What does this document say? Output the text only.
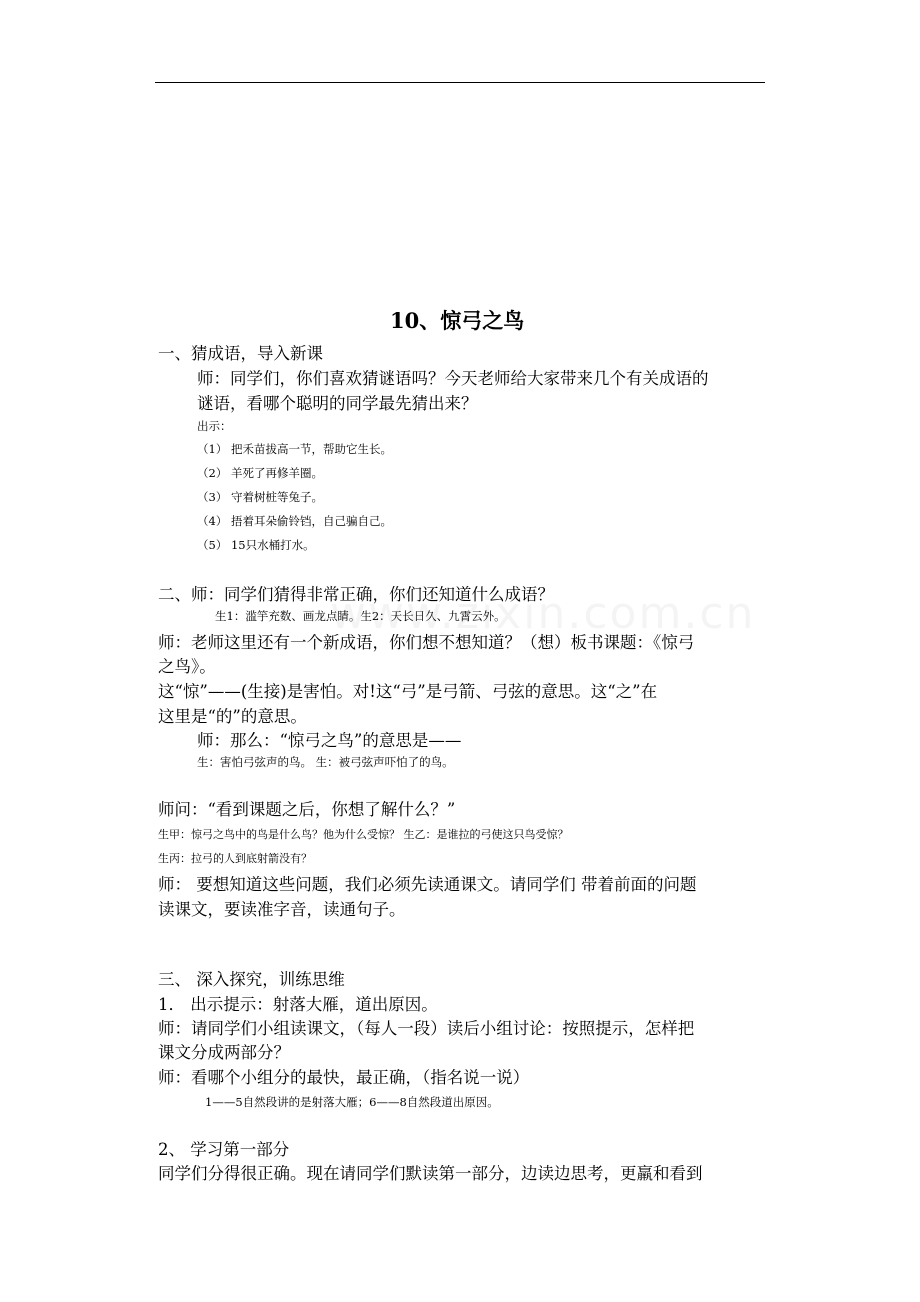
10、惊弓之鸟
一、猜成语，导入新课
师：同学们，你们喜欢猜谜语吗？今天老师给大家带来几个有关成语的
谜语，看哪个聪明的同学最先猜出来？
出示：
（1） 把禾苗拔高一节，帮助它生长。
（2） 羊死了再修羊圈。
（3） 守着树桩等兔子。
（4） 捂着耳朵偷铃铛，自己骗自己。
（5） 15只水桶打水。
二、师：同学们猜得非常正确，你们还知道什么成语？
生1：滥竽充数、画龙点睛。生2：天长日久、九霄云外。
师：老师这里还有一个新成语，你们想不想知道？（想）板书课题：《惊弓
之鸟》。
这“惊”——(生接)是害怕。对!这“弓”是弓箭、弓弦的意思。这“之”在
这里是“的”的意思。
师：那么：“惊弓之鸟”的意思是——
生：害怕弓弦声的鸟。 生：被弓弦声吓怕了的鸟。
师问：“看到课题之后，你想了解什么？”
生甲：惊弓之鸟中的鸟是什么鸟？他为什么受惊？ 生乙：是谁拉的弓使这只鸟受惊？
生丙：拉弓的人到底射箭没有？
师： 要想知道这些问题，我们必须先读通课文。请同学们 带着前面的问题
读课文，要读准字音，读通句子。
三、 深入探究，训练思维
1． 出示提示：射落大雁，道出原因。
师：请同学们小组读课文，（每人一段）读后小组讨论：按照提示，怎样把
课文分成两部分？
师：看哪个小组分的最快，最正确，（指名说一说）
1——5自然段讲的是射落大雁；6——8自然段道出原因。
2、 学习第一部分
同学们分得很正确。现在请同学们默读第一部分，边读边思考，更羸和看到
